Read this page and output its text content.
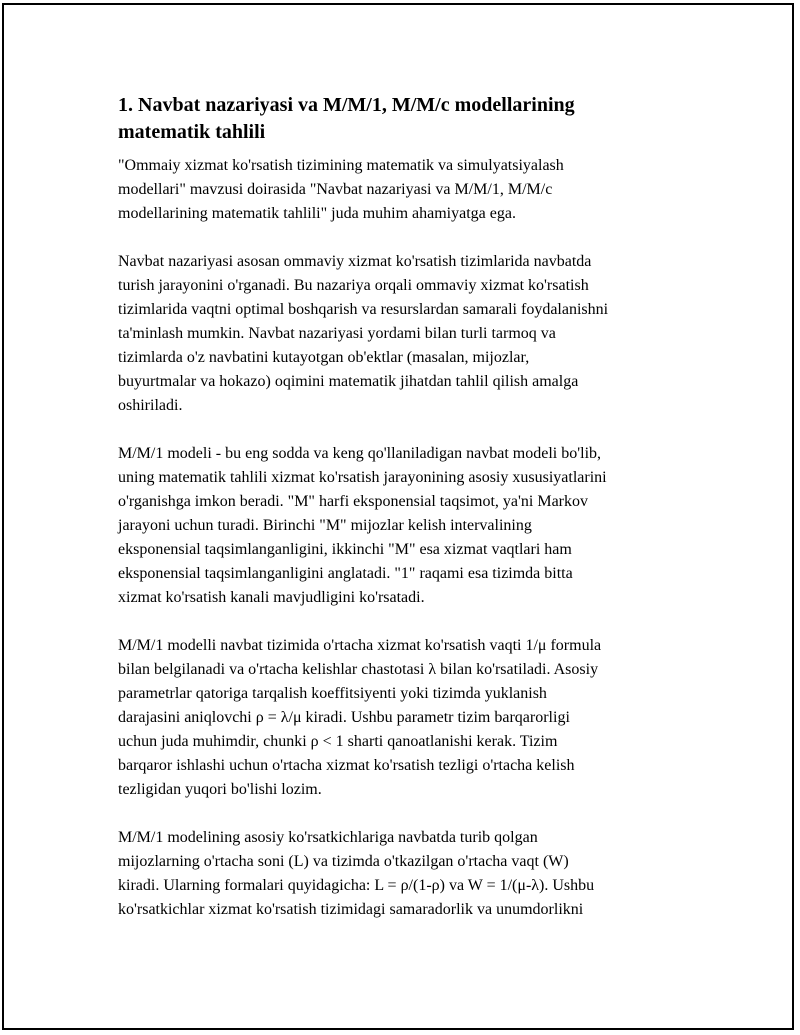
1. Navbat nazariyasi va M/M/1, M/M/c modellarining
matematik tahlili

"Ommaiy xizmat ko'rsatish tizimining matematik va simulyatsiyalash
modellari" mavzusi doirasida "Navbat nazariyasi va M/M/1, M/M/c
modellarining matematik tahlili" juda muhim ahamiyatga ega.

Navbat nazariyasi asosan ommaviy xizmat ko'rsatish tizimlarida navbatda
turish jarayonini o'rganadi. Bu nazariya orqali ommaviy xizmat ko'rsatish
tizimlarida vaqtni optimal boshqarish va resurslardan samarali foydalanishni
ta'minlash mumkin. Navbat nazariyasi yordami bilan turli tarmoq va
tizimlarda o'z navbatini kutayotgan ob'ektlar (masalan, mijozlar,
buyurtmalar va hokazo) oqimini matematik jihatdan tahlil qilish amalga
oshiriladi.

M/M/1 modeli - bu eng sodda va keng qo'llaniladigan navbat modeli bo'lib,
uning matematik tahlili xizmat ko'rsatish jarayonining asosiy xususiyatlarini
o'rganishga imkon beradi. "M" harfi eksponensial taqsimot, ya'ni Markov
jarayoni uchun turadi. Birinchi "M" mijozlar kelish intervalining
eksponensial taqsimlanganligini, ikkinchi "M" esa xizmat vaqtlari ham
eksponensial taqsimlanganligini anglatadi. "1" raqami esa tizimda bitta
xizmat ko'rsatish kanali mavjudligini ko'rsatadi.

M/M/1 modelli navbat tizimida o'rtacha xizmat ko'rsatish vaqti 1/μ formula
bilan belgilanadi va o'rtacha kelishlar chastotasi λ bilan ko'rsatiladi. Asosiy
parametrlar qatoriga tarqalish koeffitsiyenti yoki tizimda yuklanish
darajasini aniqlovchi ρ = λ/μ kiradi. Ushbu parametr tizim barqarorligi
uchun juda muhimdir, chunki ρ < 1 sharti qanoatlanishi kerak. Tizim
barqaror ishlashi uchun o'rtacha xizmat ko'rsatish tezligi o'rtacha kelish
tezligidan yuqori bo'lishi lozim.

M/M/1 modelining asosiy ko'rsatkichlariga navbatda turib qolgan
mijozlarning o'rtacha soni (L) va tizimda o'tkazilgan o'rtacha vaqt (W)
kiradi. Ularning formalari quyidagicha: L = ρ/(1-ρ) va W = 1/(μ-λ). Ushbu
ko'rsatkichlar xizmat ko'rsatish tizimidagi samaradorlik va unumdorlikni
